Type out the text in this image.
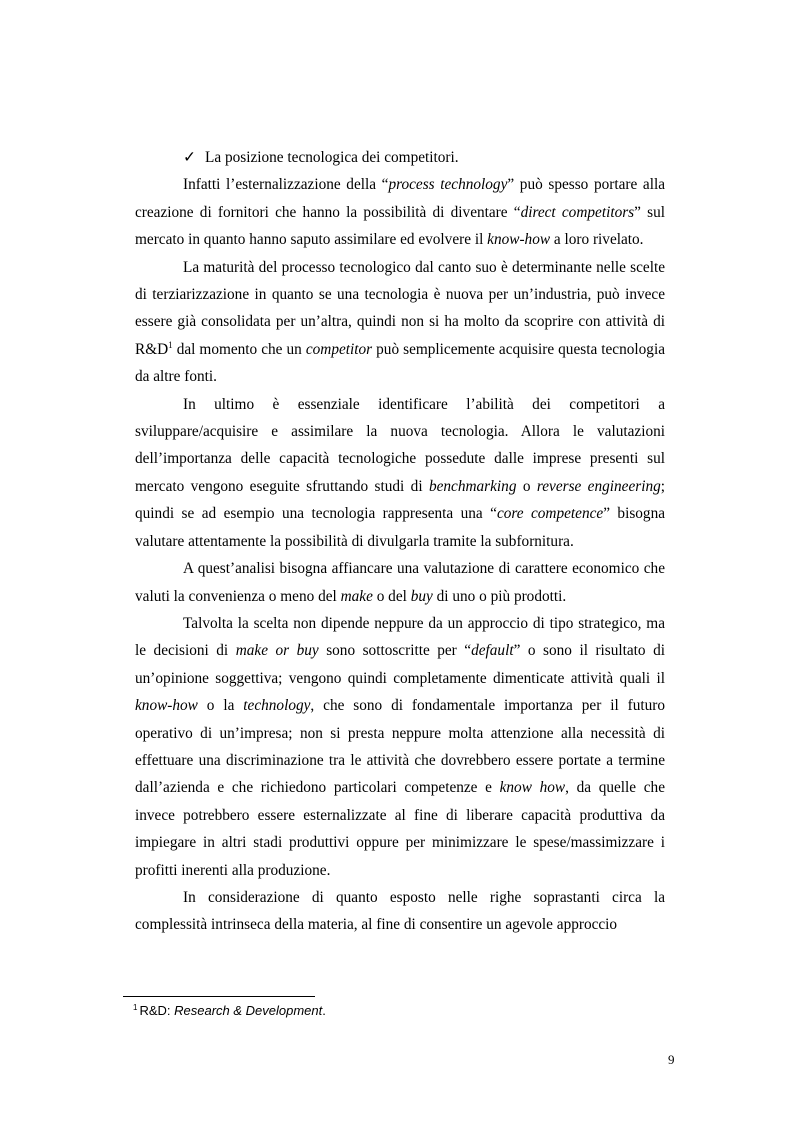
✓ La posizione tecnologica dei competitori.

Infatti l’esternalizzazione della “process technology” può spesso portare alla creazione di fornitori che hanno la possibilità di diventare “direct competitors” sul mercato in quanto hanno saputo assimilare ed evolvere il know-how a loro rivelato.

La maturità del processo tecnologico dal canto suo è determinante nelle scelte di terziarizzazione in quanto se una tecnologia è nuova per un’industria, può invece essere già consolidata per un’altra, quindi non si ha molto da scoprire con attività di $R\&D^1$ dal momento che un competitor può semplicemente acquisire questa tecnologia da altre fonti.

In ultimo è essenziale identificare l’abilità dei competitori a sviluppare/acquisire e assimilare la nuova tecnologia. Allora le valutazioni dell’importanza delle capacità tecnologiche possedute dalle imprese presenti sul mercato vengono eseguite sfruttando studi di benchmarking o reverse engineering; quindi se ad esempio una tecnologia rappresenta una “core competence” bisogna valutare attentamente la possibilità di divulgarla tramite la subfornitura.

A quest’analisi bisogna affiancare una valutazione di carattere economico che valuti la convenienza o meno del make o del buy di uno o più prodotti.

Talvolta la scelta non dipende neppure da un approccio di tipo strategico, ma le decisioni di make or buy sono sottoscritte per “default” o sono il risultato di un’opinione soggettiva; vengono quindi completamente dimenticate attività quali il know-how o la technology, che sono di fondamentale importanza per il futuro operativo di un’impresa; non si presta neppure molta attenzione alla necessità di effettuare una discriminazione tra le attività che dovrebbero essere portate a termine dall’azienda e che richiedono particolari competenze e know how, da quelle che invece potrebbero essere esternalizzate al fine di liberare capacità produttiva da impiegare in altri stadi produttivi oppure per minimizzare le spese/massimizzare i profitti inerenti alla produzione.

In considerazione di quanto esposto nelle righe soprastanti circa la complessità intrinseca della materia, al fine di consentire un agevole approccio

$^1$ R&D: Research & Development.
9
